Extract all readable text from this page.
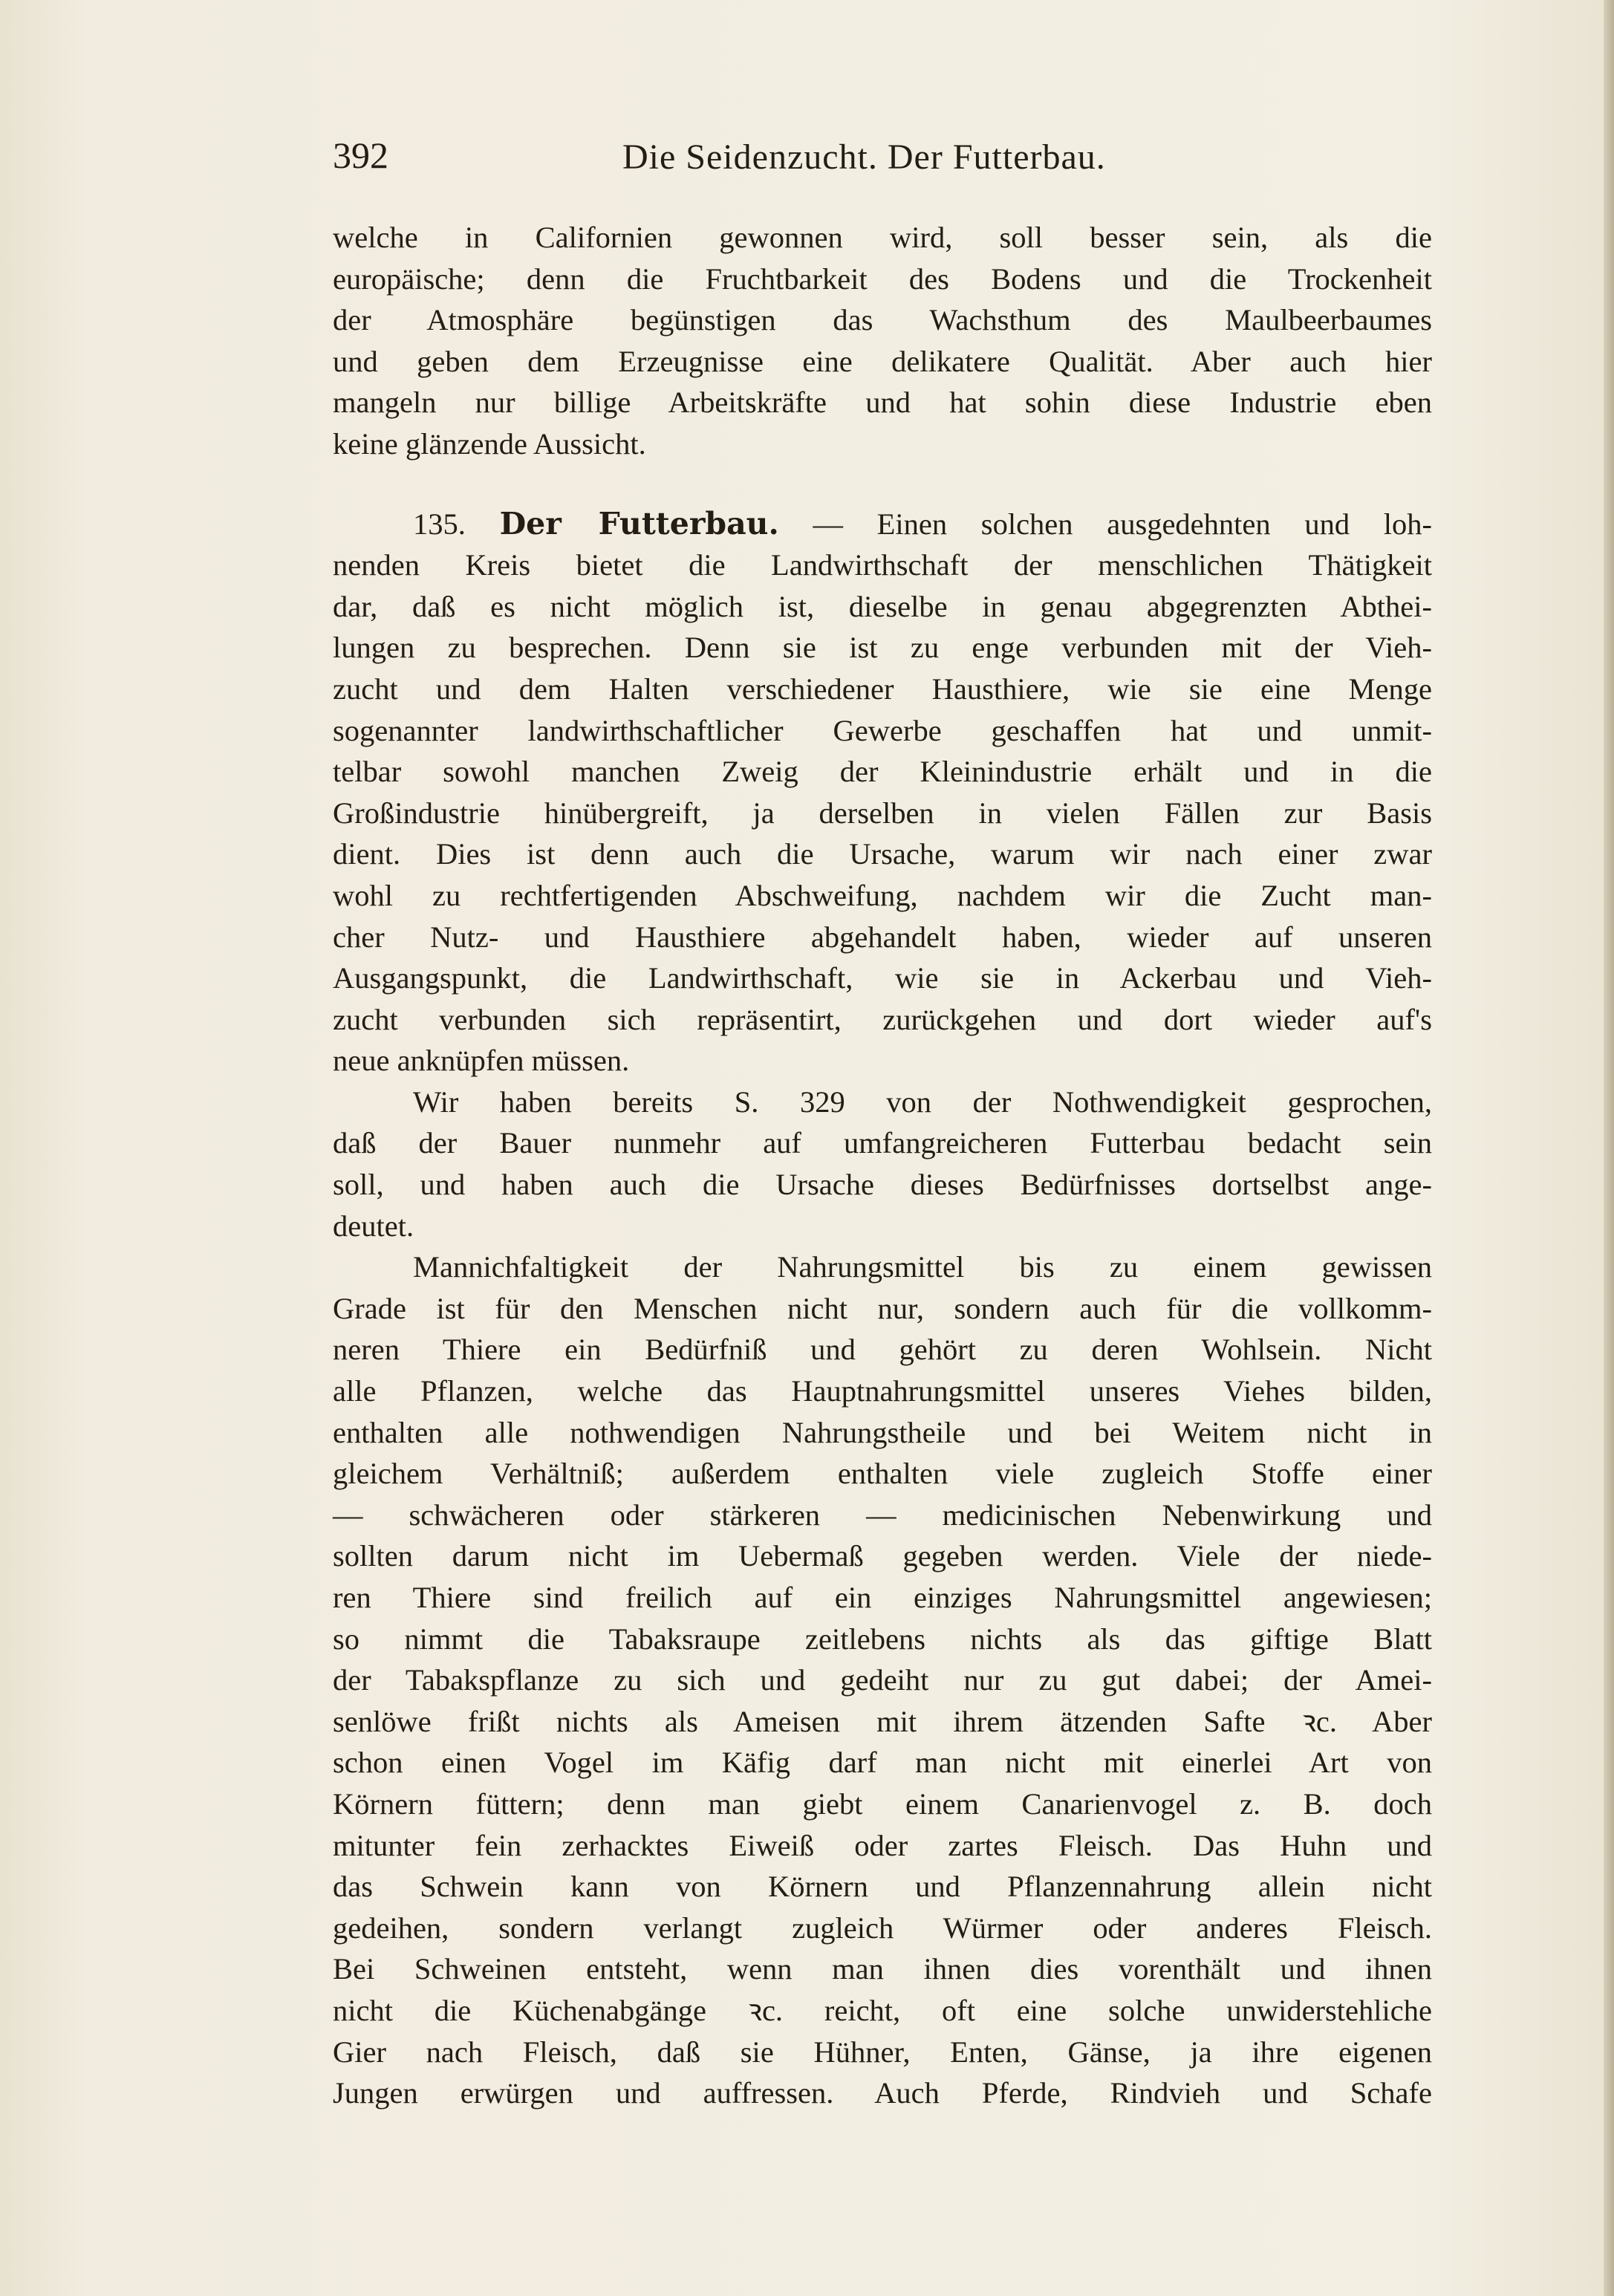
392	Die Seidenzucht. Der Futterbau.
welche in Californien gewonnen wird, soll besser sein, als die
europäische; denn die Fruchtbarkeit des Bodens und die Trockenheit
der Atmosphäre begünstigen das Wachsthum des Maulbeerbaumes
und geben dem Erzeugnisse eine delikatere Qualität. Aber auch hier
mangeln nur billige Arbeitskräfte und hat sohin diese Industrie eben
keine glänzende Aussicht.
135. Der Futterbau. — Einen solchen ausgedehnten und loh-
nenden Kreis bietet die Landwirthschaft der menschlichen Thätigkeit
dar, daß es nicht möglich ist, dieselbe in genau abgegrenzten Abthei-
lungen zu besprechen. Denn sie ist zu enge verbunden mit der Vieh-
zucht und dem Halten verschiedener Hausthiere, wie sie eine Menge
sogenannter landwirthschaftlicher Gewerbe geschaffen hat und unmit-
telbar sowohl manchen Zweig der Kleinindustrie erhält und in die
Großindustrie hinübergreift, ja derselben in vielen Fällen zur Basis
dient. Dies ist denn auch die Ursache, warum wir nach einer zwar
wohl zu rechtfertigenden Abschweifung, nachdem wir die Zucht man-
cher Nutz- und Hausthiere abgehandelt haben, wieder auf unseren
Ausgangspunkt, die Landwirthschaft, wie sie in Ackerbau und Vieh-
zucht verbunden sich repräsentirt, zurückgehen und dort wieder auf's
neue anknüpfen müssen.
Wir haben bereits S. 329 von der Nothwendigkeit gesprochen,
daß der Bauer nunmehr auf umfangreicheren Futterbau bedacht sein
soll, und haben auch die Ursache dieses Bedürfnisses dortselbst ange-
deutet.
Mannichfaltigkeit der Nahrungsmittel bis zu einem gewissen
Grade ist für den Menschen nicht nur, sondern auch für die vollkomm-
neren Thiere ein Bedürfniß und gehört zu deren Wohlsein. Nicht
alle Pflanzen, welche das Hauptnahrungsmittel unseres Viehes bilden,
enthalten alle nothwendigen Nahrungstheile und bei Weitem nicht in
gleichem Verhältniß; außerdem enthalten viele zugleich Stoffe einer
— schwächeren oder stärkeren — medicinischen Nebenwirkung und
sollten darum nicht im Uebermaß gegeben werden. Viele der niede-
ren Thiere sind freilich auf ein einziges Nahrungsmittel angewiesen;
so nimmt die Tabaksraupe zeitlebens nichts als das giftige Blatt
der Tabakspflanze zu sich und gedeiht nur zu gut dabei; der Amei-
senlöwe frißt nichts als Ameisen mit ihrem ätzenden Safte ꝛc. Aber
schon einen Vogel im Käfig darf man nicht mit einerlei Art von
Körnern füttern; denn man giebt einem Canarienvogel z. B. doch
mitunter fein zerhacktes Eiweiß oder zartes Fleisch. Das Huhn und
das Schwein kann von Körnern und Pflanzennahrung allein nicht
gedeihen, sondern verlangt zugleich Würmer oder anderes Fleisch.
Bei Schweinen entsteht, wenn man ihnen dies vorenthält und ihnen
nicht die Küchenabgänge ꝛc. reicht, oft eine solche unwiderstehliche
Gier nach Fleisch, daß sie Hühner, Enten, Gänse, ja ihre eigenen
Jungen erwürgen und auffressen. Auch Pferde, Rindvieh und Schafe
